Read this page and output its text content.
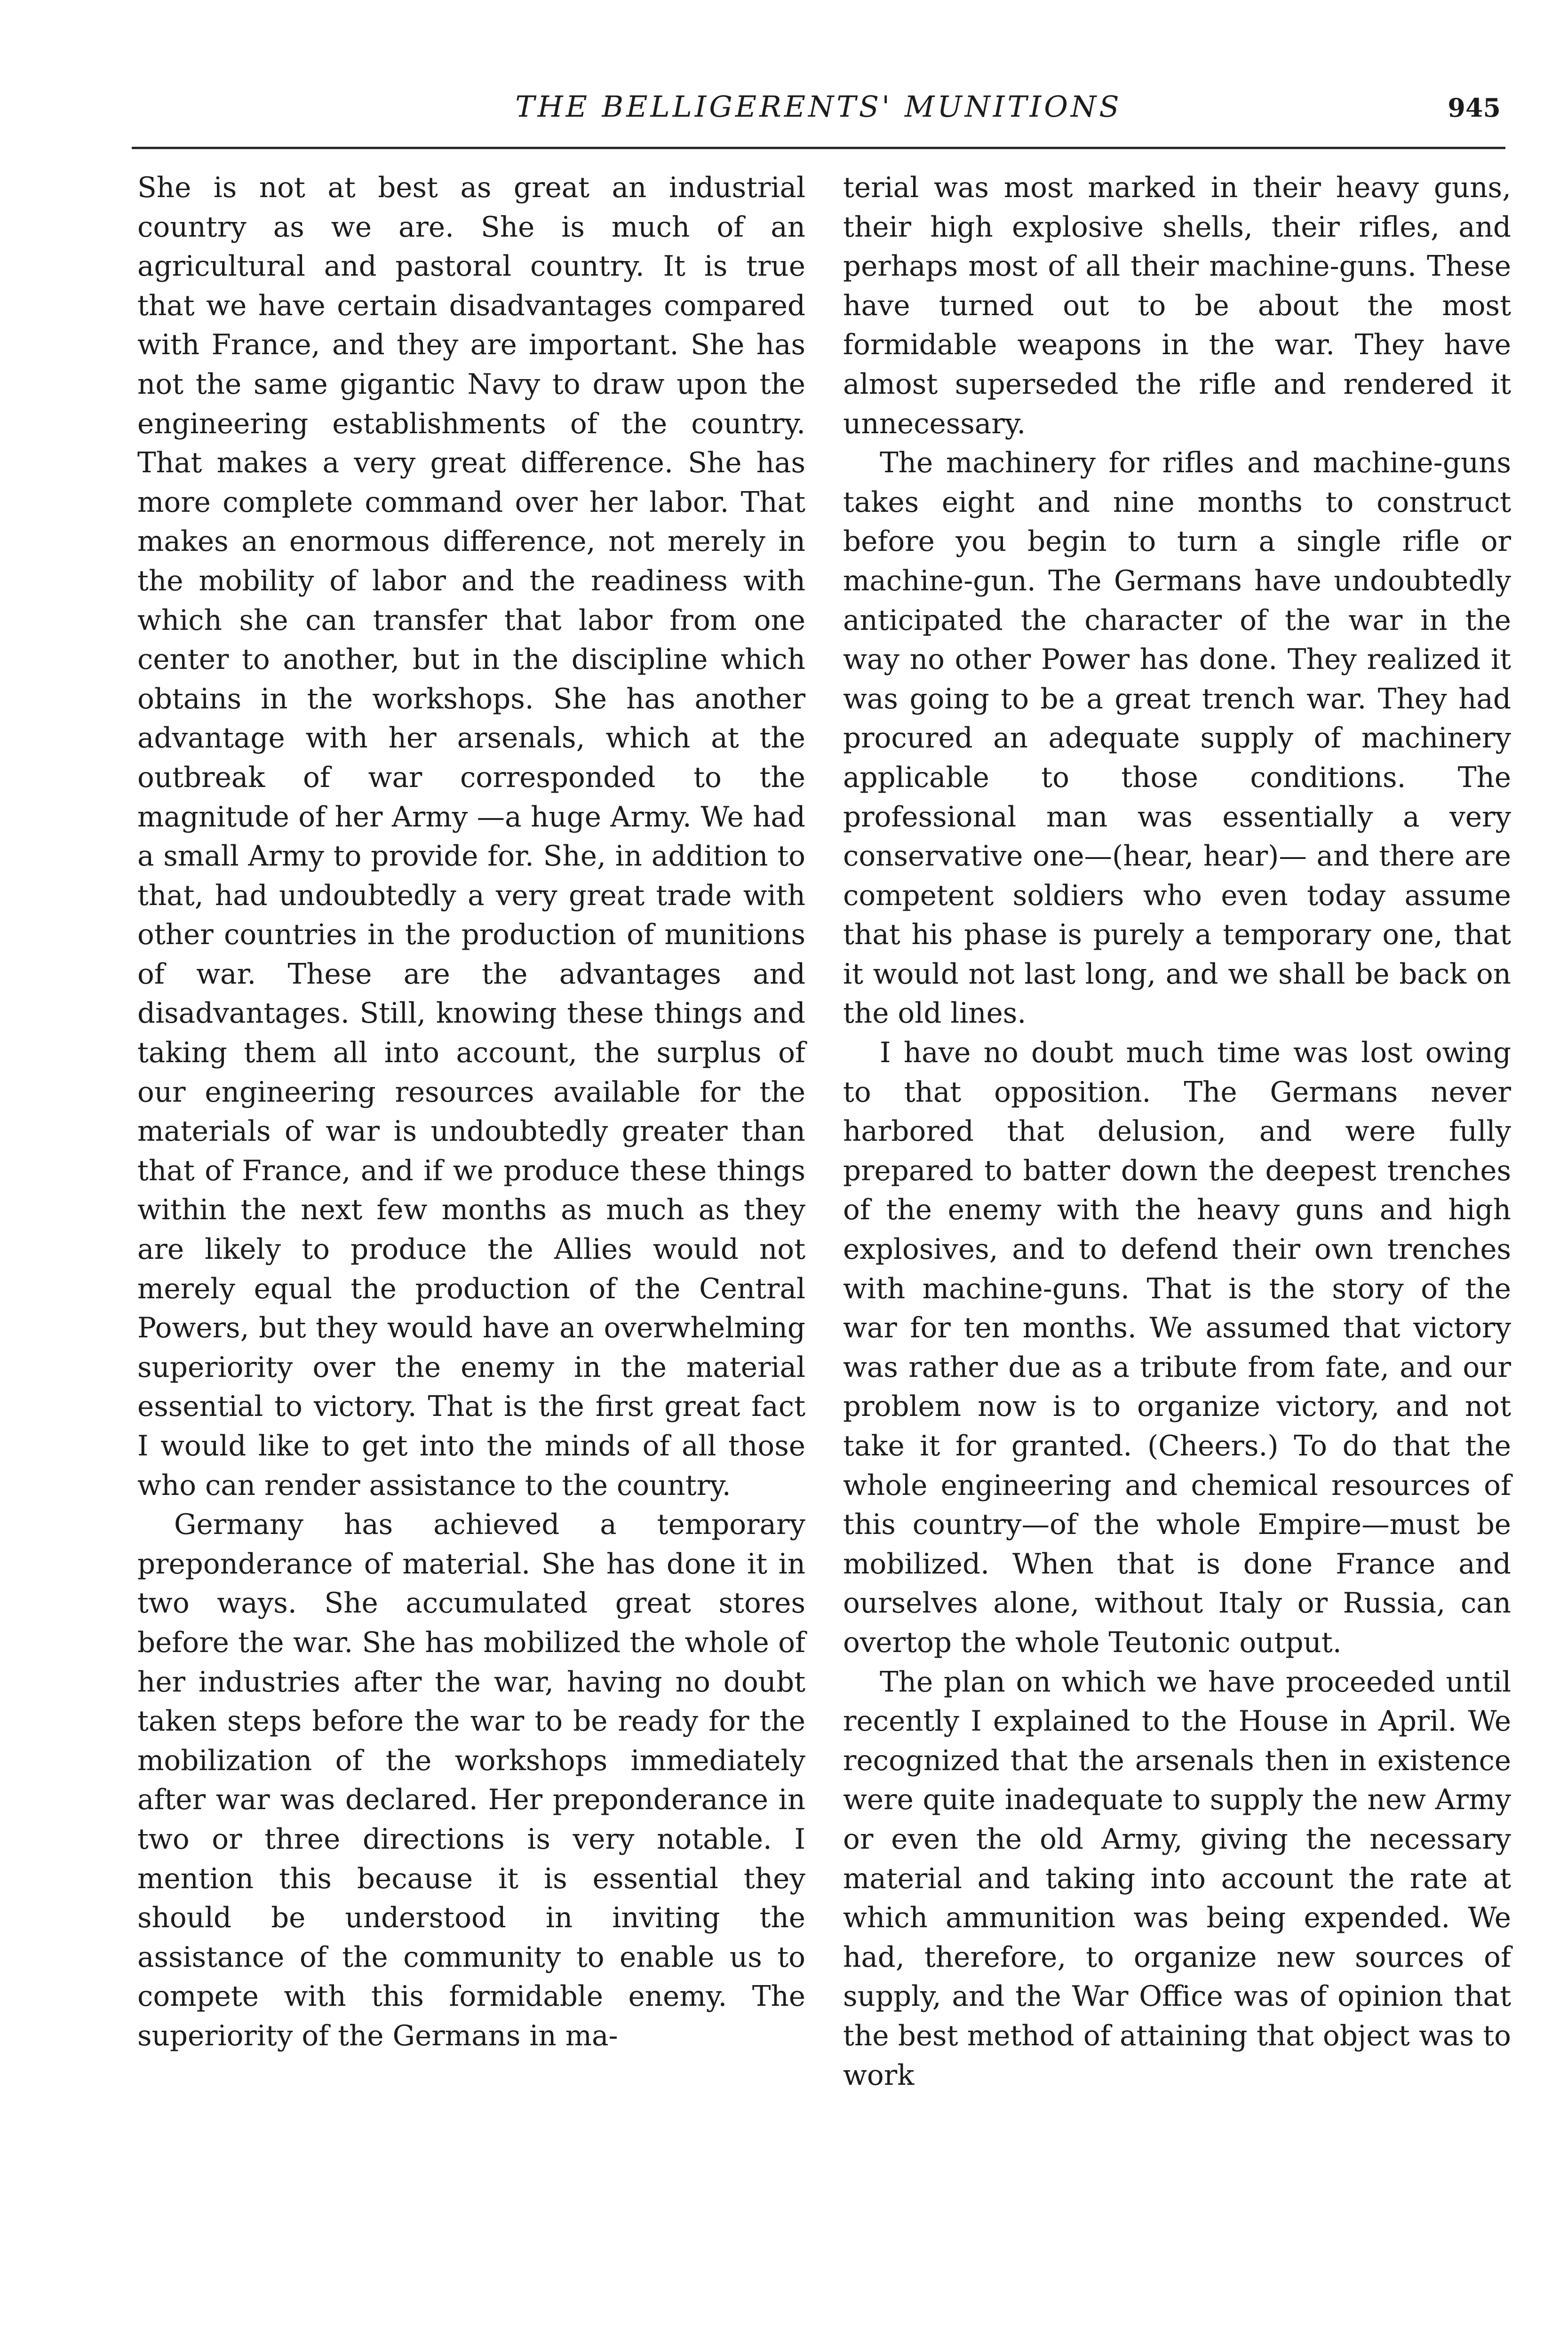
THE BELLIGERENTS' MUNITIONS	945

She is not at best as great an industrial country as we are. She is much of an agricultural and pastoral country. It is true that we have certain disadvantages compared with France, and they are important. She has not the same gigantic Navy to draw upon the engineering establishments of the country. That makes a very great difference. She has more complete command over her labor. That makes an enormous difference, not merely in the mobility of labor and the readiness with which she can transfer that labor from one center to another, but in the discipline which obtains in the workshops. She has another advantage with her arsenals, which at the outbreak of war corresponded to the magnitude of her Army —a huge Army. We had a small Army to provide for. She, in addition to that, had undoubtedly a very great trade with other countries in the production of munitions of war. These are the advantages and disadvantages. Still, knowing these things and taking them all into account, the surplus of our engineering resources available for the materials of war is undoubtedly greater than that of France, and if we produce these things within the next few months as much as they are likely to produce the Allies would not merely equal the production of the Central Powers, but they would have an overwhelming superiority over the enemy in the material essential to victory. That is the first great fact I would like to get into the minds of all those who can render assistance to the country.

Germany has achieved a temporary preponderance of material. She has done it in two ways. She accumulated great stores before the war. She has mobilized the whole of her industries after the war, having no doubt taken steps before the war to be ready for the mobilization of the workshops immediately after war was declared. Her preponderance in two or three directions is very notable. I mention this because it is essential they should be understood in inviting the assistance of the community to enable us to compete with this formidable enemy. The superiority of the Germans in ma-

terial was most marked in their heavy guns, their high explosive shells, their rifles, and perhaps most of all their machine-guns. These have turned out to be about the most formidable weapons in the war. They have almost superseded the rifle and rendered it unnecessary.

The machinery for rifles and machine-guns takes eight and nine months to construct before you begin to turn a single rifle or machine-gun. The Germans have undoubtedly anticipated the character of the war in the way no other Power has done. They realized it was going to be a great trench war. They had procured an adequate supply of machinery applicable to those conditions. The professional man was essentially a very conservative one—(hear, hear)— and there are competent soldiers who even today assume that his phase is purely a temporary one, that it would not last long, and we shall be back on the old lines.

I have no doubt much time was lost owing to that opposition. The Germans never harbored that delusion, and were fully prepared to batter down the deepest trenches of the enemy with the heavy guns and high explosives, and to defend their own trenches with machine-guns. That is the story of the war for ten months. We assumed that victory was rather due as a tribute from fate, and our problem now is to organize victory, and not take it for granted. (Cheers.) To do that the whole engineering and chemical resources of this country—of the whole Empire—must be mobilized. When that is done France and ourselves alone, without Italy or Russia, can overtop the whole Teutonic output.

The plan on which we have proceeded until recently I explained to the House in April. We recognized that the arsenals then in existence were quite inadequate to supply the new Army or even the old Army, giving the necessary material and taking into account the rate at which ammunition was being expended. We had, therefore, to organize new sources of supply, and the War Office was of opinion that the best method of attaining that object was to work
